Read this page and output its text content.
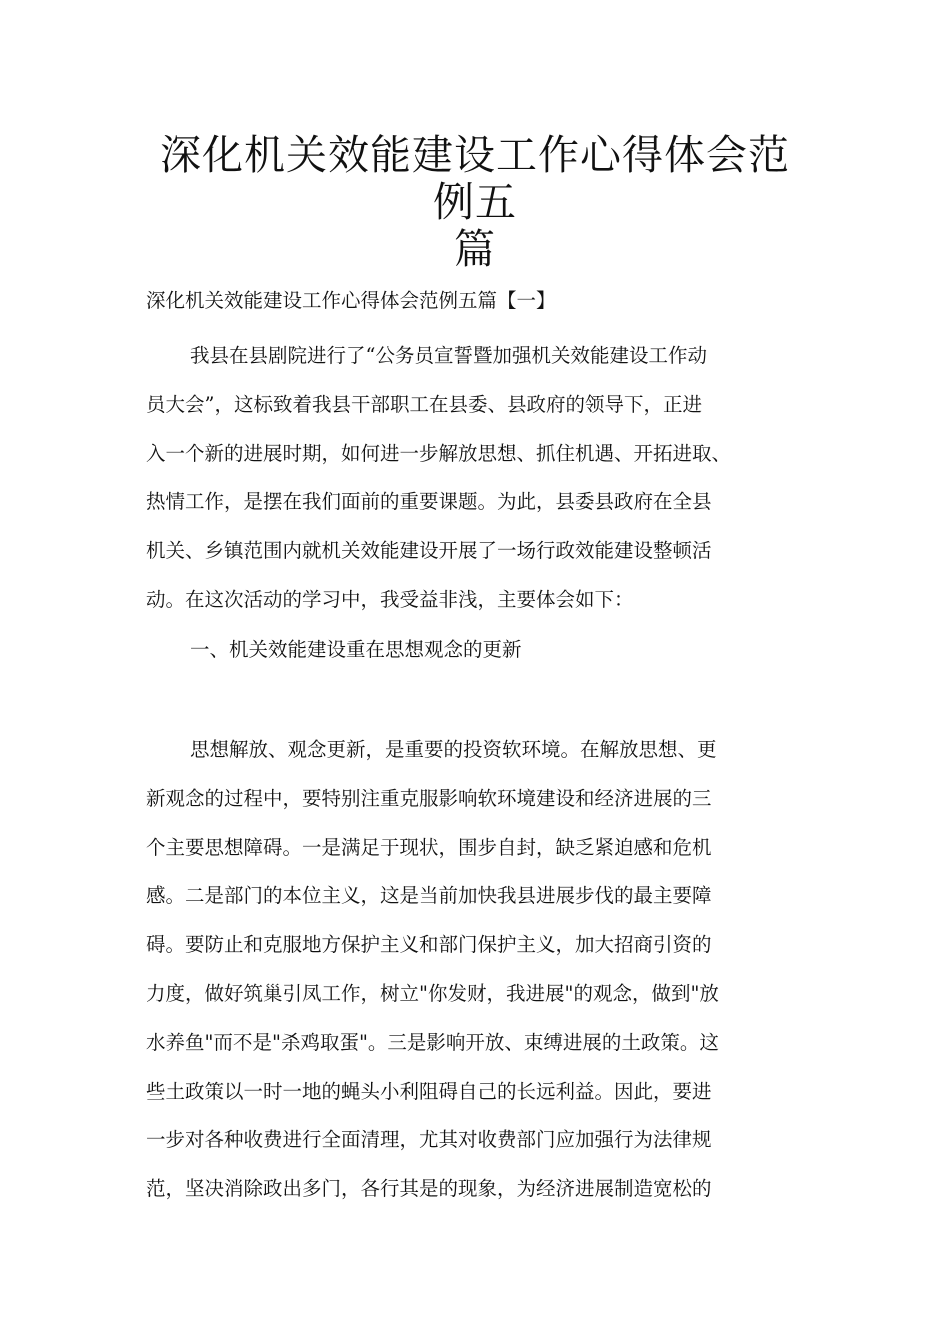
深化机关效能建设工作心得体会范例五
篇
深化机关效能建设工作心得体会范例五篇【一】
我县在县剧院进行了“公务员宣誓暨加强机关效能建设工作动
员大会”，这标致着我县干部职工在县委、县政府的领导下，正进
入一个新的进展时期，如何进一步解放思想、抓住机遇、开拓进取、
热情工作，是摆在我们面前的重要课题。为此，县委县政府在全县
机关、乡镇范围内就机关效能建设开展了一场行政效能建设整顿活
动。在这次活动的学习中，我受益非浅，主要体会如下：
一、机关效能建设重在思想观念的更新
思想解放、观念更新，是重要的投资软环境。在解放思想、更
新观念的过程中，要特别注重克服影响软环境建设和经济进展的三
个主要思想障碍。一是满足于现状，围步自封，缺乏紧迫感和危机
感。二是部门的本位主义，这是当前加快我县进展步伐的最主要障
碍。要防止和克服地方保护主义和部门保护主义，加大招商引资的
力度，做好筑巢引凤工作，树立"你发财，我进展"的观念，做到"放
水养鱼"而不是"杀鸡取蛋"。三是影响开放、束缚进展的土政策。这
些土政策以一时一地的蝇头小利阻碍自己的长远利益。因此，要进
一步对各种收费进行全面清理，尤其对收费部门应加强行为法律规
范，坚决消除政出多门，各行其是的现象，为经济进展制造宽松的
